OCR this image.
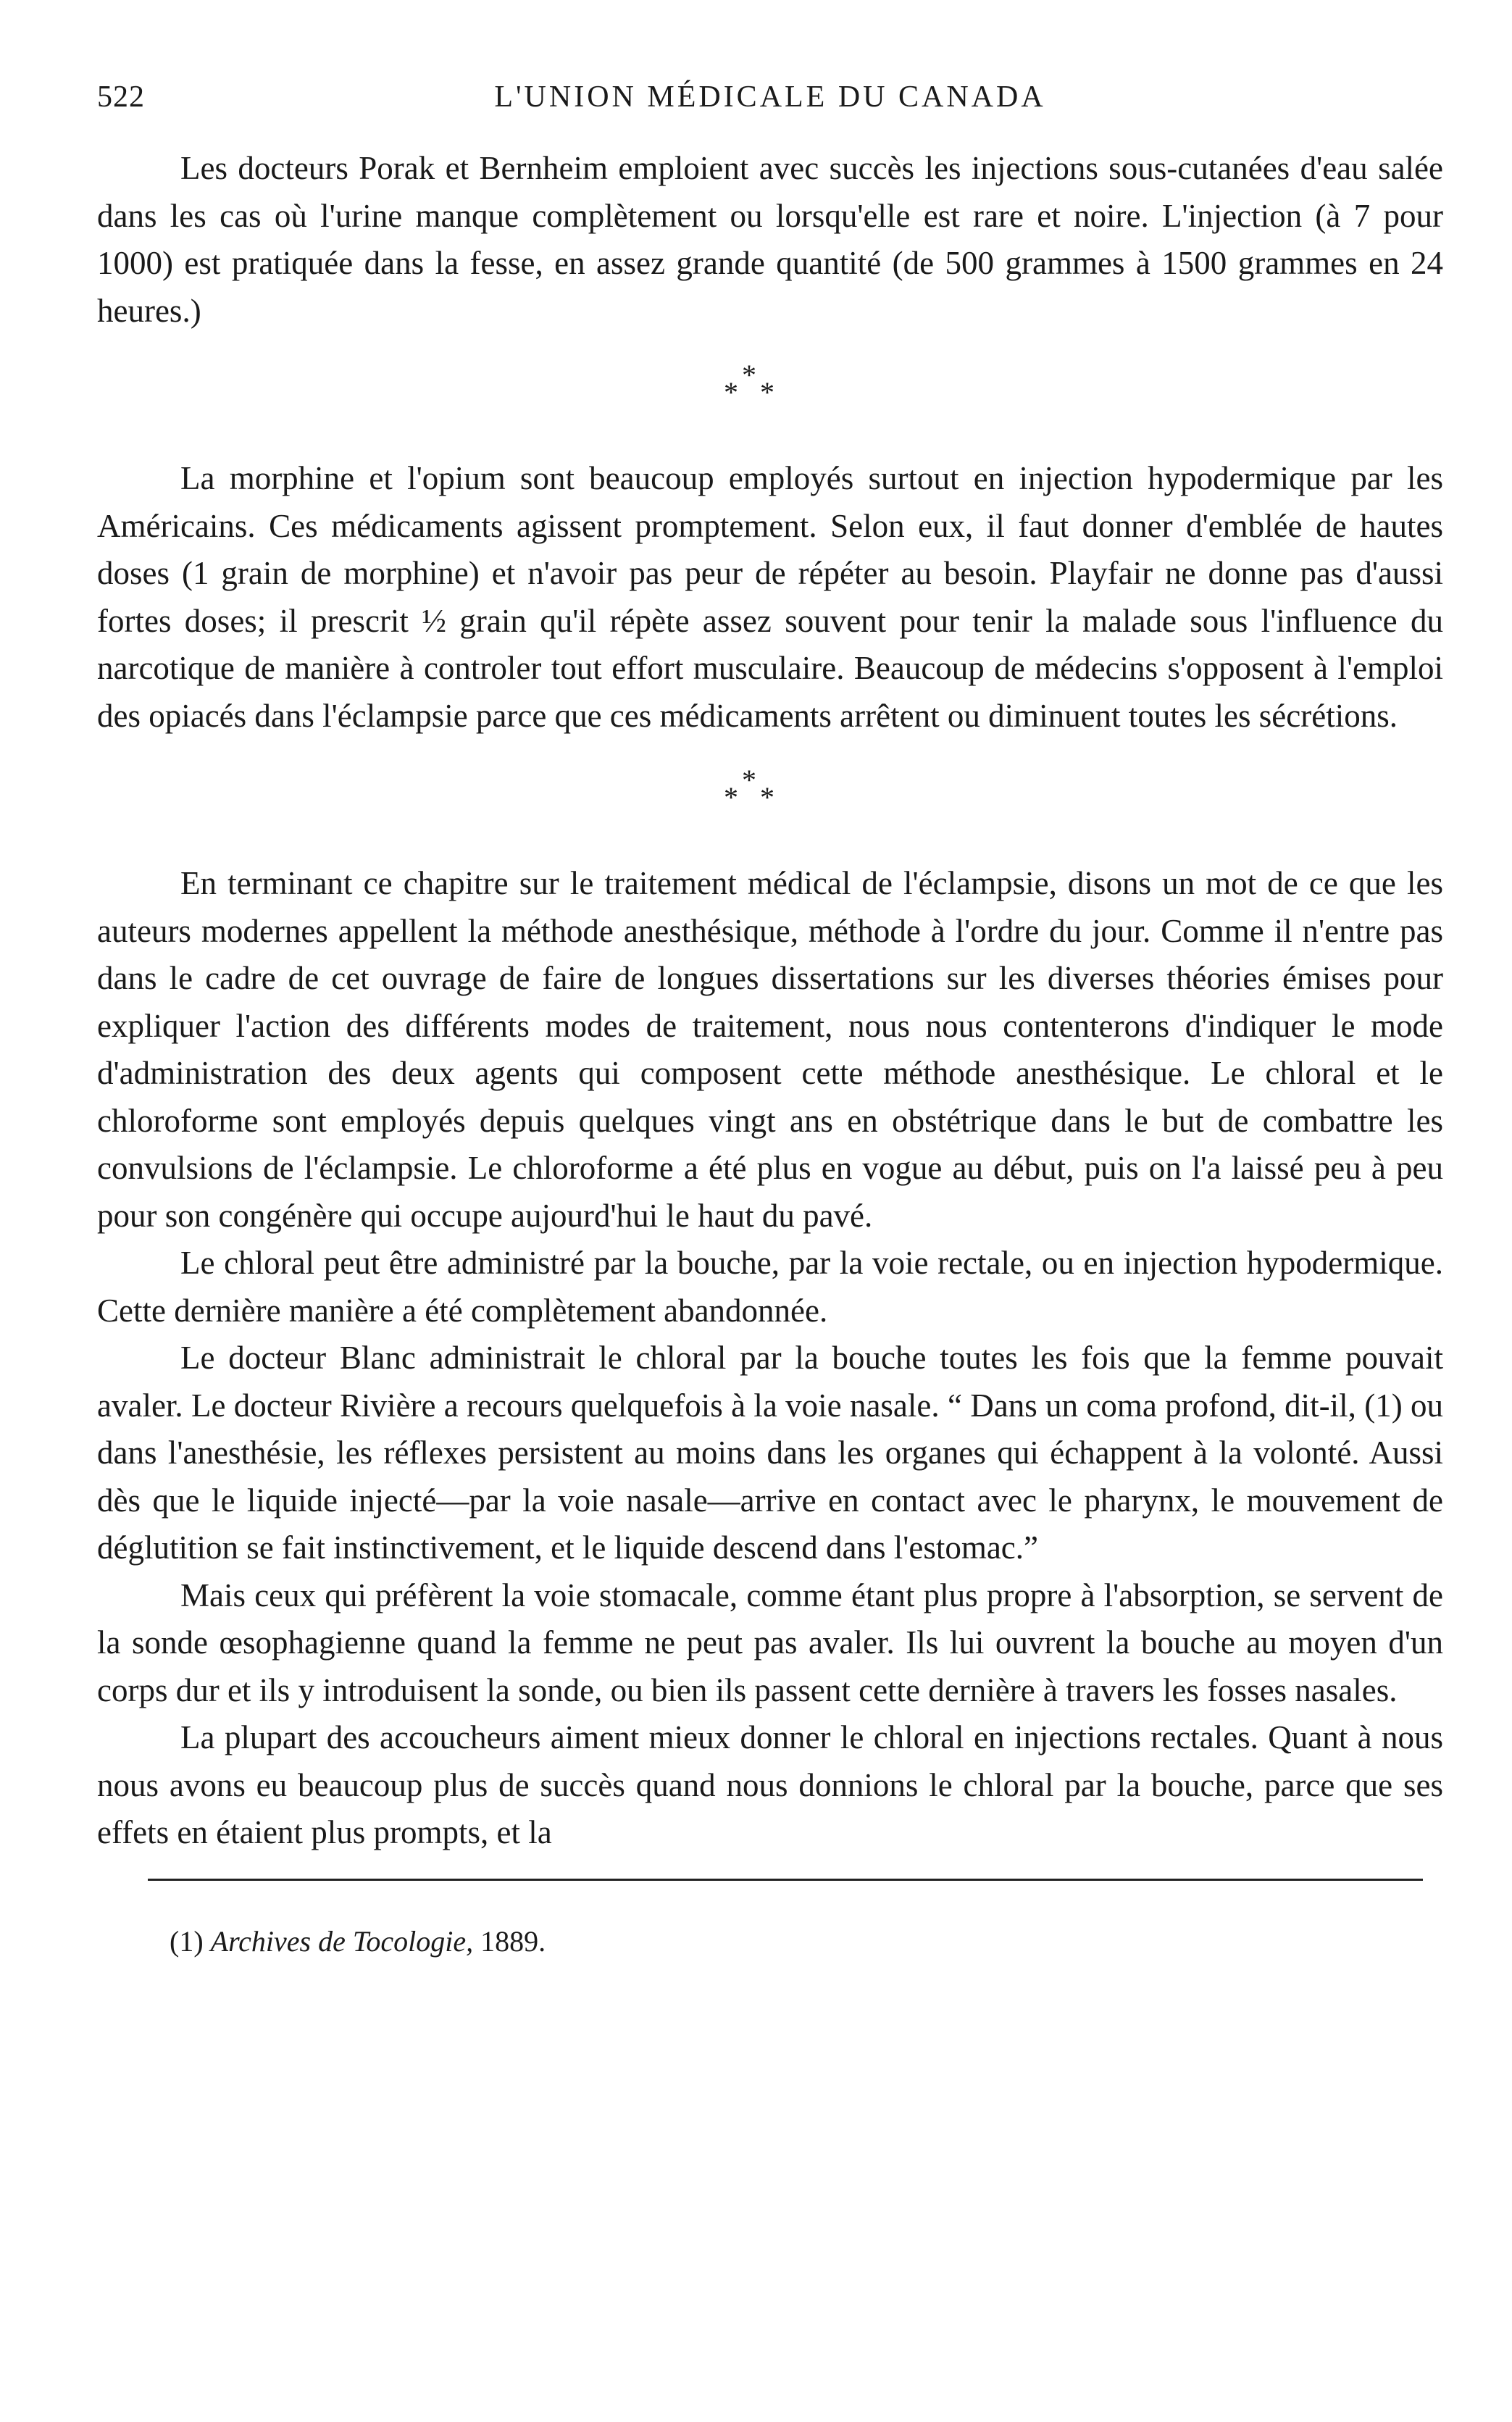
522	L'UNION MÉDICALE DU CANADA

Les docteurs Porak et Bernheim emploient avec succès les injections sous-cutanées d'eau salée dans les cas où l'urine manque complètement ou lorsqu'elle est rare et noire. L'injection (à 7 pour 1000) est pratiquée dans la fesse, en assez grande quantité (de 500 grammes à 1500 grammes en 24 heures.)

*
* *

La morphine et l'opium sont beaucoup employés surtout en injection hypodermique par les Américains. Ces médicaments agissent promptement. Selon eux, il faut donner d'emblée de hautes doses (1 grain de morphine) et n'avoir pas peur de répéter au besoin. Playfair ne donne pas d'aussi fortes doses; il prescrit ½ grain qu'il répète assez souvent pour tenir la malade sous l'influence du narcotique de manière à controler tout effort musculaire. Beaucoup de médecins s'opposent à l'emploi des opiacés dans l'éclampsie parce que ces médicaments arrêtent ou diminuent toutes les sécrétions.

*
* *

En terminant ce chapitre sur le traitement médical de l'éclampsie, disons un mot de ce que les auteurs modernes appellent la méthode anesthésique, méthode à l'ordre du jour. Comme il n'entre pas dans le cadre de cet ouvrage de faire de longues dissertations sur les diverses théories émises pour expliquer l'action des différents modes de traitement, nous nous contenterons d'indiquer le mode d'administration des deux agents qui composent cette méthode anesthésique. Le chloral et le chloroforme sont employés depuis quelques vingt ans en obstétrique dans le but de combattre les convulsions de l'éclampsie. Le chloroforme a été plus en vogue au début, puis on l'a laissé peu à peu pour son congénère qui occupe aujourd'hui le haut du pavé.

Le chloral peut être administré par la bouche, par la voie rectale, ou en injection hypodermique. Cette dernière manière a été complètement abandonnée.

Le docteur Blanc administrait le chloral par la bouche toutes les fois que la femme pouvait avaler. Le docteur Rivière a recours quelquefois à la voie nasale. “ Dans un coma profond, dit-il, (1) ou dans l'anesthésie, les réflexes persistent au moins dans les organes qui échappent à la volonté. Aussi dès que le liquide injecté—par la voie nasale—arrive en contact avec le pharynx, le mouvement de déglutition se fait instinctivement, et le liquide descend dans l'estomac.”

Mais ceux qui préfèrent la voie stomacale, comme étant plus propre à l'absorption, se servent de la sonde œsophagienne quand la femme ne peut pas avaler. Ils lui ouvrent la bouche au moyen d'un corps dur et ils y introduisent la sonde, ou bien ils passent cette dernière à travers les fosses nasales.

La plupart des accoucheurs aiment mieux donner le chloral en injections rectales. Quant à nous nous avons eu beaucoup plus de succès quand nous donnions le chloral par la bouche, parce que ses effets en étaient plus prompts, et la

(1) Archives de Tocologie, 1889.
